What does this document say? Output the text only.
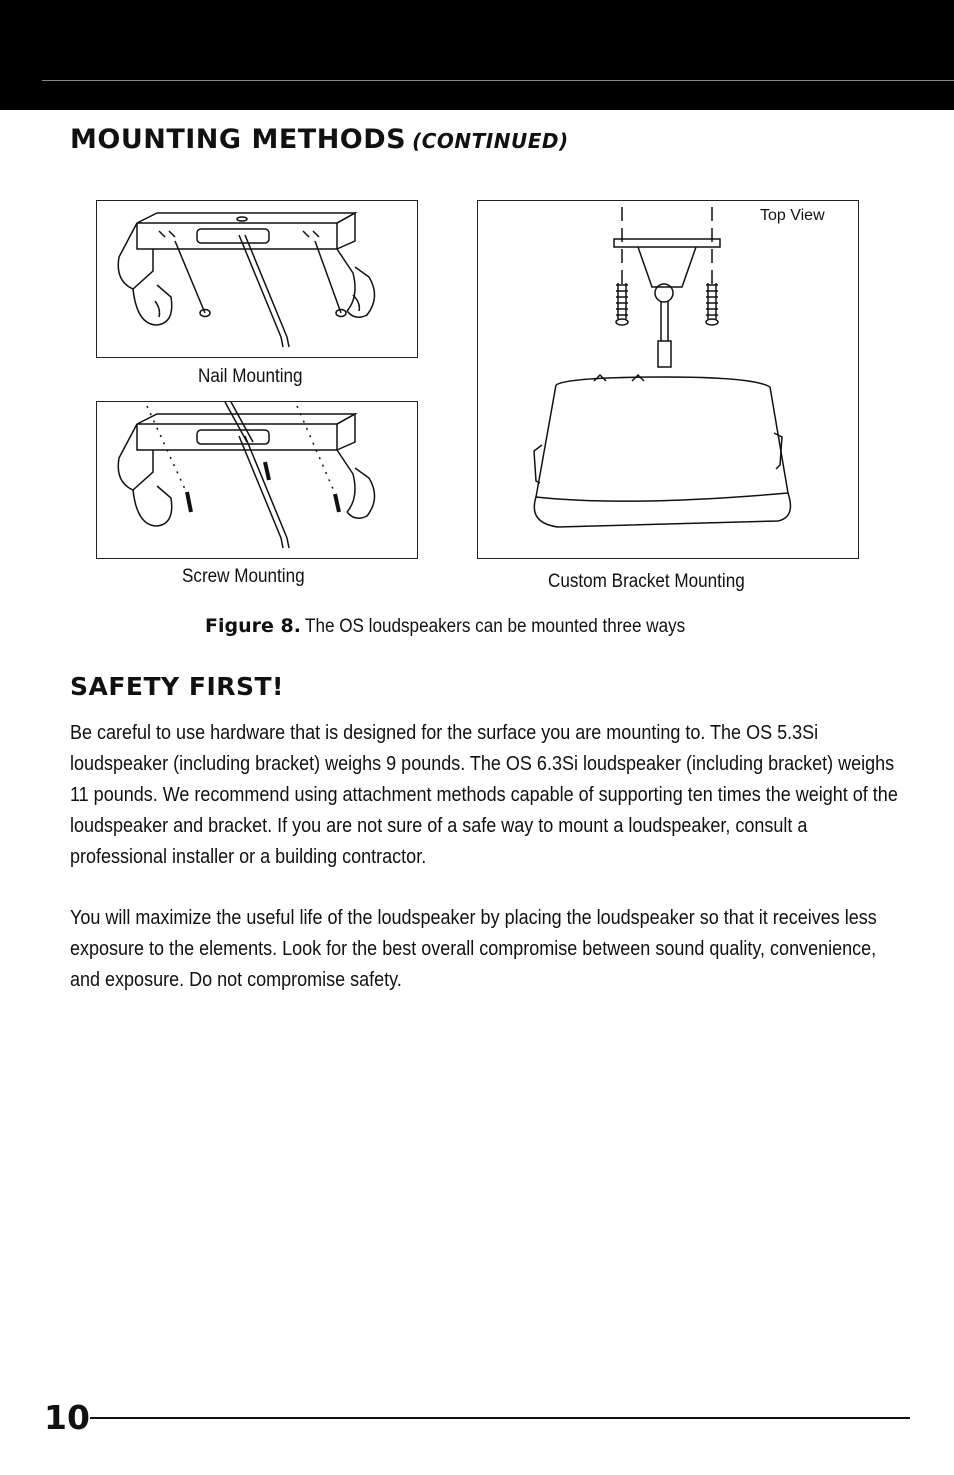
MOUNTING METHODS (CONTINUED)
Nail Mounting
Screw Mounting
Top View
Custom Bracket Mounting
Figure 8. The OS loudspeakers can be mounted three ways
SAFETY FIRST!

Be careful to use hardware that is designed for the surface you are mounting to. The OS 5.3Si loudspeaker (including bracket) weighs 9 pounds. The OS 6.3Si loudspeaker (including bracket) weighs 11 pounds. We recommend using attachment methods capable of supporting ten times the weight of the loudspeaker and bracket. If you are not sure of a safe way to mount a loudspeaker, consult a professional installer or a building contractor.

You will maximize the useful life of the loudspeaker by placing the loudspeaker so that it receives less exposure to the elements. Look for the best overall compromise between sound quality, convenience, and exposure. Do not compromise safety.

10
